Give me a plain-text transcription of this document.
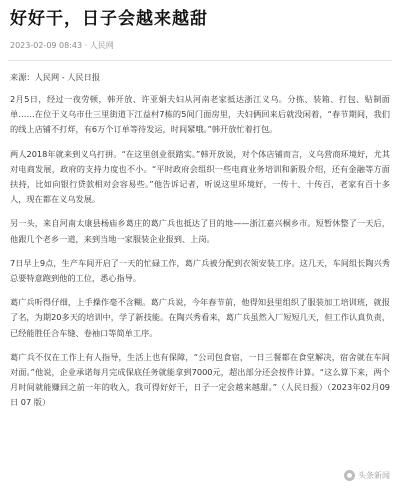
好好干，日子会越来越甜
2023-02-09 08:43 · 人民网
来源：人民网 - 人民日报

2月5日，经过一夜劳顿，韩开放、许亚娟夫妇从河南老家抵达浙江义乌。分拣、装箱、打包、贴制面单……在位于义乌市仕三里街道下江益村7栋的5间门面房里，夫妇俩回来后就没闲着，“春节期间，我们的线上店铺不打烊，有6万个订单等待发运，时间紧哦。”韩开放忙着打包。

两人2018年就来到义乌打拼。“在这里创业很踏实。”韩开放说，对个体店铺而言，义乌营商环境好，尤其对电商发展，政府的支持力度也不小。“平时政府会组织一些电商业务培训和新股介绍，还有金融等方面扶持，比如向银行贷款相对会容易些。”他告诉记者，听说这里环境好，一传十、十传百，老家有百十多人，现在都在义乌发展。

另一头，来自河南太康县杨庙乡葛庄的葛广兵也抵达了目的地——浙江嘉兴桐乡市。短暂休整了一天后，他跟几个老乡一道，来到当地一家服装企业报到、上岗。

7日早上9点，生产车间开启了一天的忙碌工作，葛广兵被分配到衣领安装工序。这几天，车间组长陶兴秀总要特意跑到他的工位，悉心指导。

葛广兵听得仔细，上手操作毫不含糊。葛广兵说，今年春节前，他得知县里组织了服装加工培训班，就报了名，为期20多天的培训中，学了新技能。在陶兴秀看来，葛广兵虽然入厂短短几天，但工作认真负责，已经能胜任合车缝、卷袖口等简单工序。

葛广兵不仅在工作上有人指导，生活上也有保障，“公司包食宿，一日三餐都在食堂解决，宿舍就在车间对面。”他说，企业承诺每月完成保底任务就能拿到7000元，超出部分还会按件计算。“这么算下来，两个月时间就能赚回之前一年的收入，我可得好好干，日子一定会越来越甜。”（人民日报）（2023年02月09日 07 版）

头条新闻
